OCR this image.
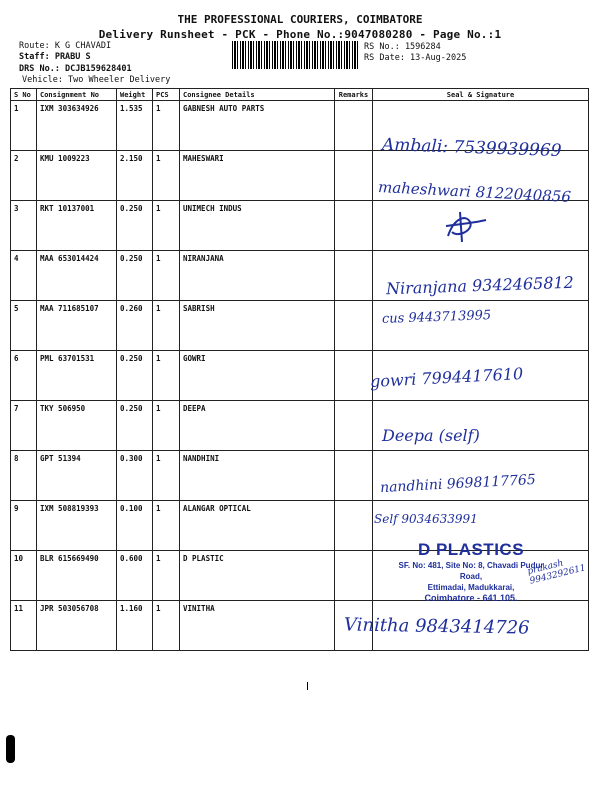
THE PROFESSIONAL COURIERS, COIMBATORE
Delivery Runsheet - PCK - Phone No.:9047080280 - Page No.:1
Route: K G CHAVADI
Staff: PRABU S
DRS No.: DCJB159628401
Vehicle: Two Wheeler Delivery
RS No.: 1596284
RS Date: 13-Aug-2025
S No	Consignment No	Weight	PCS	Consignee Details	Remarks	Seal & Signature
1	IXM 303634926	1.535	1	GABNESH AUTO PARTS		
2	KMU 1009223	2.150	1	MAHESWARI		
3	RKT 10137001	0.250	1	UNIMECH INDUS		
4	MAA 653014424	0.250	1	NIRANJANA		
5	MAA 711685107	0.260	1	SABRISH		
6	PML 63701531	0.250	1	GOWRI		
7	TKY 506950	0.250	1	DEEPA		
8	GPT 51394	0.300	1	NANDHINI		
9	IXM 508819393	0.100	1	ALANGAR OPTICAL		
10	BLR 615669490	0.600	1	D PLASTIC		
11	JPR 503056708	1.160	1	VINITHA		
Ambali: 7539939969
maheshwari 8122040856
Niranjana 9342465812
cus 9443713995
gowri 7994417610
Deepa (self)
nandhini 9698117765
Self 9034633991
prakash 9943292611
Vinitha 9843414726
D PLASTICS
SF. No: 481, Site No: 8, Chavadi Pudur Road,
Ettimadai, Madukkarai,
Coimbatore - 641 105.
